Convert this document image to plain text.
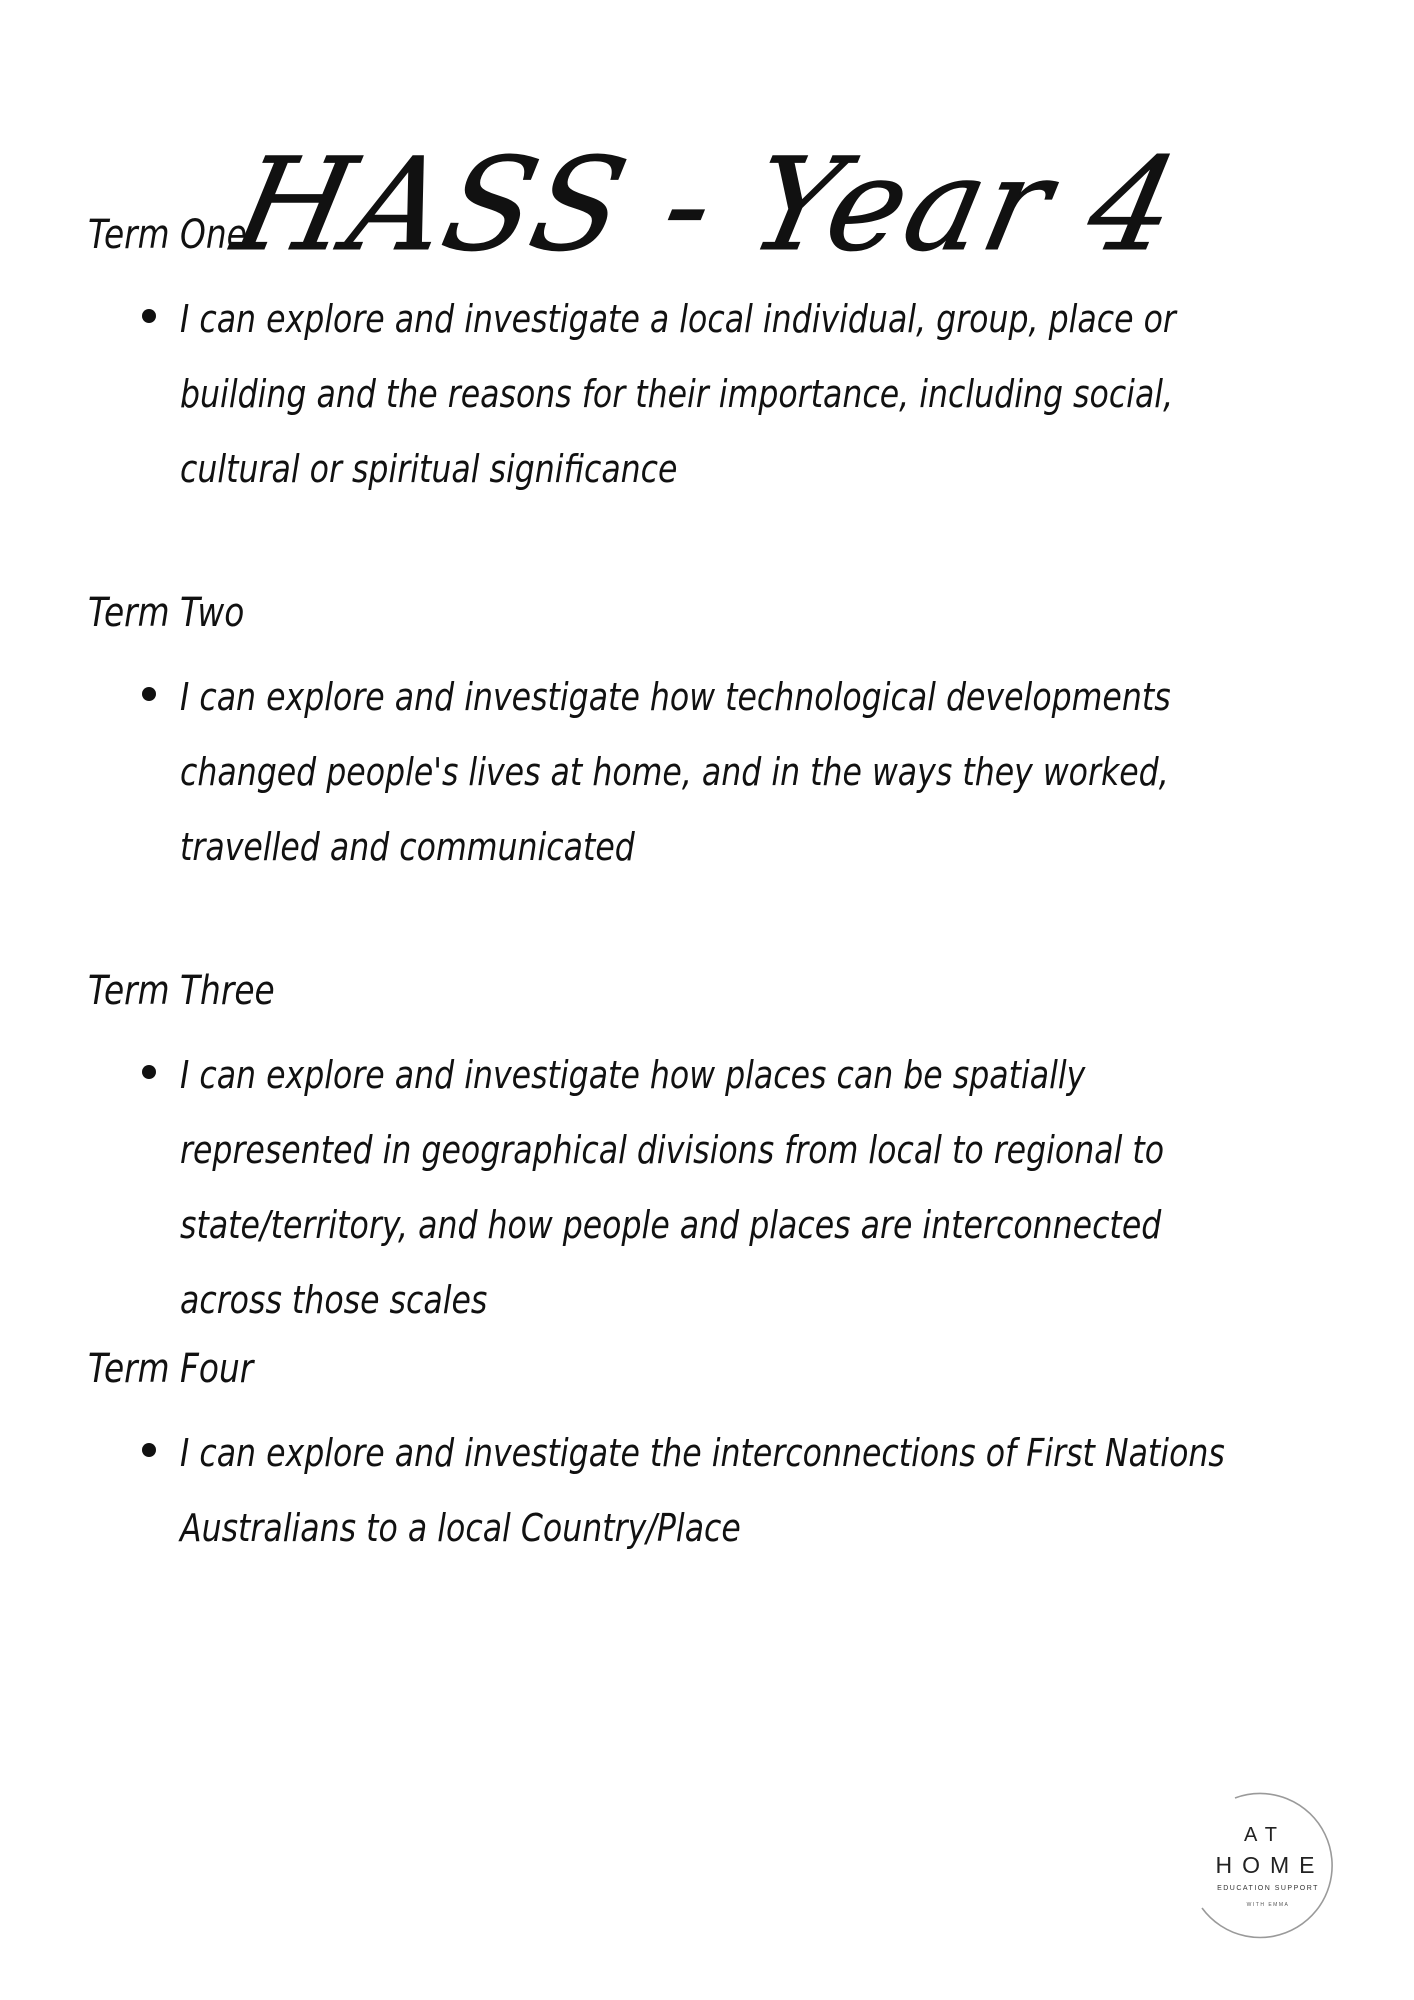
HASS - Year 4
Term One

I can explore and investigate a local individual, group, place or building and the reasons for their importance, including social, cultural or spiritual significance

Term Two

I can explore and investigate how technological developments changed people's lives at home, and in the ways they worked, travelled and communicated

Term Three

I can explore and investigate how places can be spatially represented in geographical divisions from local to regional to state/territory, and how people and places are interconnected across those scales

Term Four

I can explore and investigate the interconnections of First Nations Australians to a local Country/Place

AT
HOME
EDUCATION SUPPORT
WITH EMMA
